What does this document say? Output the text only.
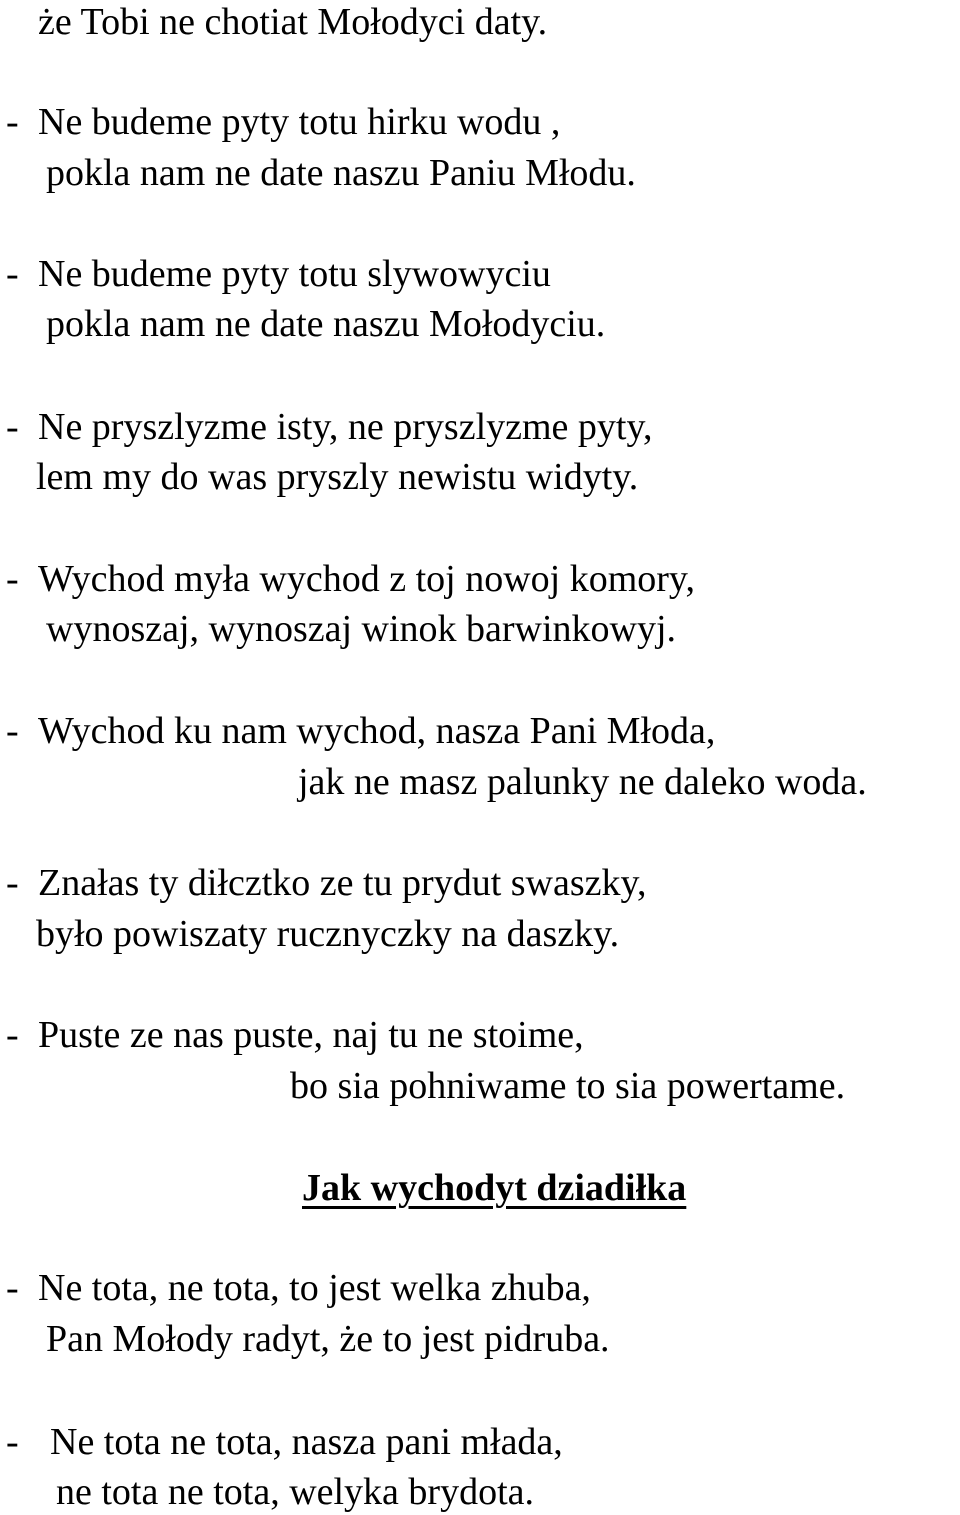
że Tobi ne chotiat Mołodyci daty.

- Ne budeme pyty totu hirku wodu ,

pokla nam ne date naszu Paniu Młodu.

- Ne budeme pyty totu slywowyciu

pokla nam ne date naszu Mołodyciu.

- Ne pryszlyzme isty, ne pryszlyzme pyty,

lem my do was pryszly newistu widyty.

- Wychod myła wychod z toj nowoj komory,

wynoszaj, wynoszaj winok barwinkowyj.

- Wychod ku nam wychod, nasza Pani Młoda,

jak ne masz palunky ne daleko woda.

- Znałas ty diłcztko ze tu prydut swaszky,

było powiszaty rucznyczky na daszky.

- Puste ze nas puste, naj tu ne stoime,

bo sia pohniwame to sia powertame.

Jak wychodyt dziadiłka
- Ne tota, ne tota, to jest welka zhuba,

Pan Mołody radyt, że to jest pidruba.

- Ne tota ne tota, nasza pani młada,

ne tota ne tota, welyka brydota.
